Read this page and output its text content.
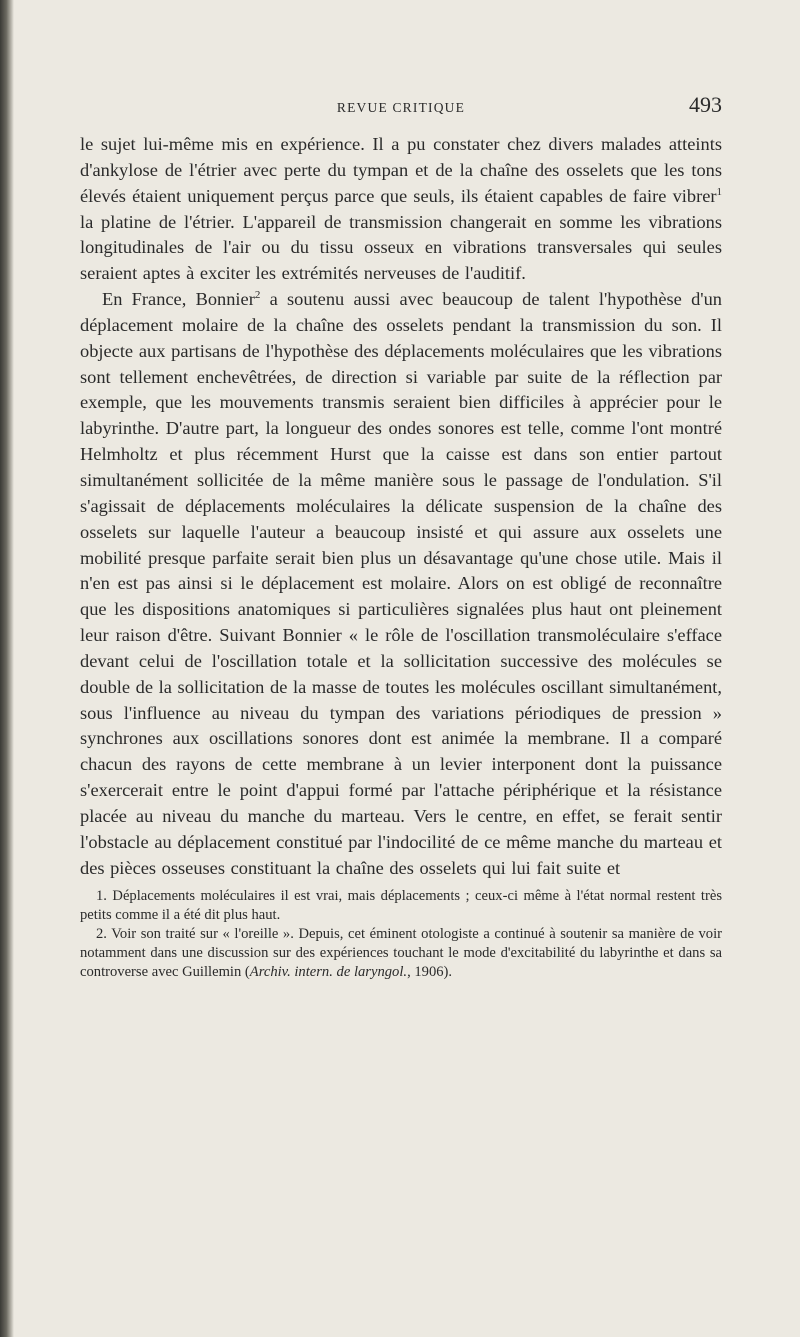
REVUE CRITIQUE	493

le sujet lui-même mis en expérience. Il a pu constater chez divers malades atteints d'ankylose de l'étrier avec perte du tympan et de la chaîne des osselets que les tons élevés étaient uniquement perçus parce que seuls, ils étaient capables de faire vibrer$^1$ la platine de l'étrier. L'appareil de transmission changerait en somme les vibrations longitudinales de l'air ou du tissu osseux en vibrations transversales qui seules seraient aptes à exciter les extrémités nerveuses de l'auditif.

En France, Bonnier$^2$ a soutenu aussi avec beaucoup de talent l'hypothèse d'un déplacement molaire de la chaîne des osselets pendant la transmission du son. Il objecte aux partisans de l'hypothèse des déplacements moléculaires que les vibrations sont tellement enchevêtrées, de direction si variable par suite de la réflection par exemple, que les mouvements transmis seraient bien difficiles à apprécier pour le labyrinthe. D'autre part, la longueur des ondes sonores est telle, comme l'ont montré Helmholtz et plus récemment Hurst que la caisse est dans son entier partout simultanément sollicitée de la même manière sous le passage de l'ondulation. S'il s'agissait de déplacements moléculaires la délicate suspension de la chaîne des osselets sur laquelle l'auteur a beaucoup insisté et qui assure aux osselets une mobilité presque parfaite serait bien plus un désavantage qu'une chose utile. Mais il n'en est pas ainsi si le déplacement est molaire. Alors on est obligé de reconnaître que les dispositions anatomiques si particulières signalées plus haut ont pleinement leur raison d'être. Suivant Bonnier « le rôle de l'oscillation transmoléculaire s'efface devant celui de l'oscillation totale et la sollicitation successive des molécules se double de la sollicitation de la masse de toutes les molécules oscillant simultanément, sous l'influence au niveau du tympan des variations périodiques de pression » synchrones aux oscillations sonores dont est animée la membrane. Il a comparé chacun des rayons de cette membrane à un levier interponent dont la puissance s'exercerait entre le point d'appui formé par l'attache périphérique et la résistance placée au niveau du manche du marteau. Vers le centre, en effet, se ferait sentir l'obstacle au déplacement constitué par l'indocilité de ce même manche du marteau et des pièces osseuses constituant la chaîne des osselets qui lui fait suite et

1. Déplacements moléculaires il est vrai, mais déplacements ; ceux-ci même à l'état normal restent très petits comme il a été dit plus haut.

2. Voir son traité sur « l'oreille ». Depuis, cet éminent otologiste a continué à soutenir sa manière de voir notamment dans une discussion sur des expériences touchant le mode d'excitabilité du labyrinthe et dans sa controverse avec Guillemin (Archiv. intern. de laryngol., 1906).
